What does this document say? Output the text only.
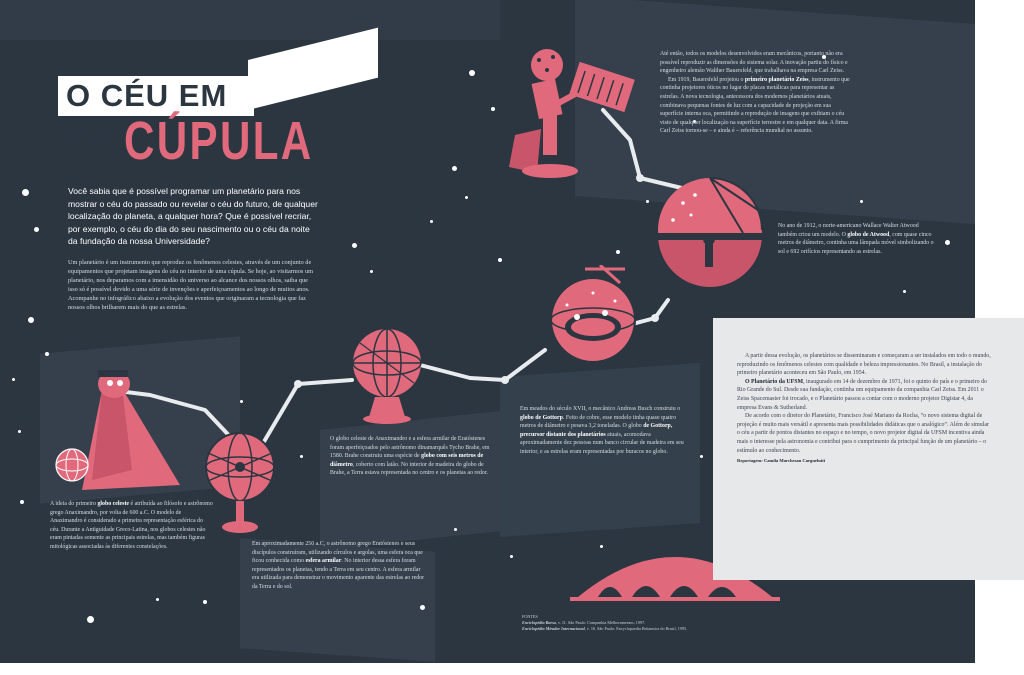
O CÉU EM UMA
CÚPULA
Você sabia que é possível programar um planetário para nos mostrar o céu do passado ou revelar o céu do futuro, de qualquer localização do planeta, a qualquer hora? Que é possível recriar, por exemplo, o céu do dia do seu nascimento ou o céu da noite da fundação da nossa Universidade?
Um planetário é um instrumento que reproduz os fenômenos celestes, através de um conjunto de equipamentos que projetam imagens do céu no interior de uma cúpula. Se hoje, ao visitarmos um planetário, nos deparamos com a imensidão do universo ao alcance dos nossos olhos, saiba que isso só é possível devido a uma série de invenções e aperfeiçoamentos ao longo de muitos anos. Acompanhe no infográfico abaixo a evolução dos eventos que originaram a tecnologia que faz nossos olhos brilharem mais do que as estrelas.
A ideia do primeiro globo celeste é atribuída ao filósofo e astrônomo grego Anaximandro, por volta de 600 a.C. O modelo de Anaximandro é considerado a primeira representação esférica do céu. Durante a Antiguidade Greco-Latina, nos globos celestes não eram pintadas somente as principais estrelas, mas também figuras mitológicas associadas às diferentes constelações.	Em aproximadamente 250 a.C, o astrônomo grego Eratóstenes e seus discípulos construíram, utilizando círculos e argolas, uma esfera oca que ficou conhecida como esfera armilar. No interior dessa esfera foram representados os planetas, tendo a Terra em seu centro. A esfera armilar era utilizada para demonstrar o movimento aparente das estrelas ao redor da Terra e do sol.
O globo celeste de Anaximandro e a esfera armilar de Eratóstenes foram aperfeiçoados pelo astrônomo dinamarquês Tycho Brahe, em 1580. Brahe construiu uma espécie de globo com seis metros de diâmetro, coberto com latão. No interior de madeira do globo de Brahe, a Terra estava representada no centro e os planetas ao redor.
Em meados do século XVII, o mecânico Andreas Busch construiu o globo de Gottorp. Feito de cobre, esse modelo tinha quase quatro metros de diâmetro e pesava 3,2 toneladas. O globo de Gottorp, precursor distante dos planetários atuais, acomodava aproximadamente dez pessoas num banco circular de madeira em seu interior, e as estrelas eram representadas por buracos no globo.
No ano de 1912, o norte-americano Wallace Walter Atwood também criou um modelo. O globo de Atwood, com quase cinco metros de diâmetro, continha uma lâmpada móvel simbolizando o sol e 692 orifícios representando as estrelas.
Até então, todos os modelos desenvolvidos eram mecânicos, portanto não era possível reproduzir as dimensões do sistema solar. A inovação partiu do físico e engenheiro alemão Walther Bauersfeld, que trabalhava na empresa Carl Zeiss.
Em 1919, Bauersfeld projetou o primeiro planetário Zeiss, instrumento que continha projetores óticos no lugar de placas metálicas para representar as estrelas. A nova tecnologia, antecessora dos modernos planetários atuais, combinava pequenas fontes de luz com a capacidade de projeção em sua superfície interna oca, permitindo a reprodução de imagens que exibiam o céu visto de qualquer localização na superfície terrestre e em qualquer data. A firma Carl Zeiss tornou-se – e ainda é – referência mundial no assunto.
A partir dessa evolução, os planetários se disseminaram e começaram a ser instalados em todo o mundo, reproduzindo os fenômenos celestes com qualidade e beleza impressionantes. No Brasil, a instalação do primeiro planetário aconteceu em São Paulo, em 1954.
O Planetário da UFSM, inaugurado em 14 de dezembro de 1971, foi o quinto do país e o primeiro do Rio Grande do Sul. Desde sua fundação, continha um equipamento da companhia Carl Zeiss. Em 2011 o Zeiss Spacemaster foi trocado, e o Planetário passou a contar com o moderno projetor Digistar 4, da empresa Evans & Sutherland.
De acordo com o diretor do Planetário, Francisco José Mariano da Rocha, “o novo sistema digital de projeção é muito mais versátil e apresenta mais possibilidades didáticas que o analógico”. Além de simular o céu a partir de pontos distantes no espaço e no tempo, o novo projetor digital da UFSM incentiva ainda mais o interesse pela astronomia e contribui para o cumprimento da principal função de um planetário – o estímulo ao conhecimento.
Reportagem: Camila Marchesan Cargnelutti
FONTES
Enciclopédia Barsa, v. 11. São Paulo: Companhia Melhoramentos, 1997.
Enciclopédia Mirador Internacional, v. 16. São Paulo: Encyclopaedia Britannica do Brasil, 1995.
